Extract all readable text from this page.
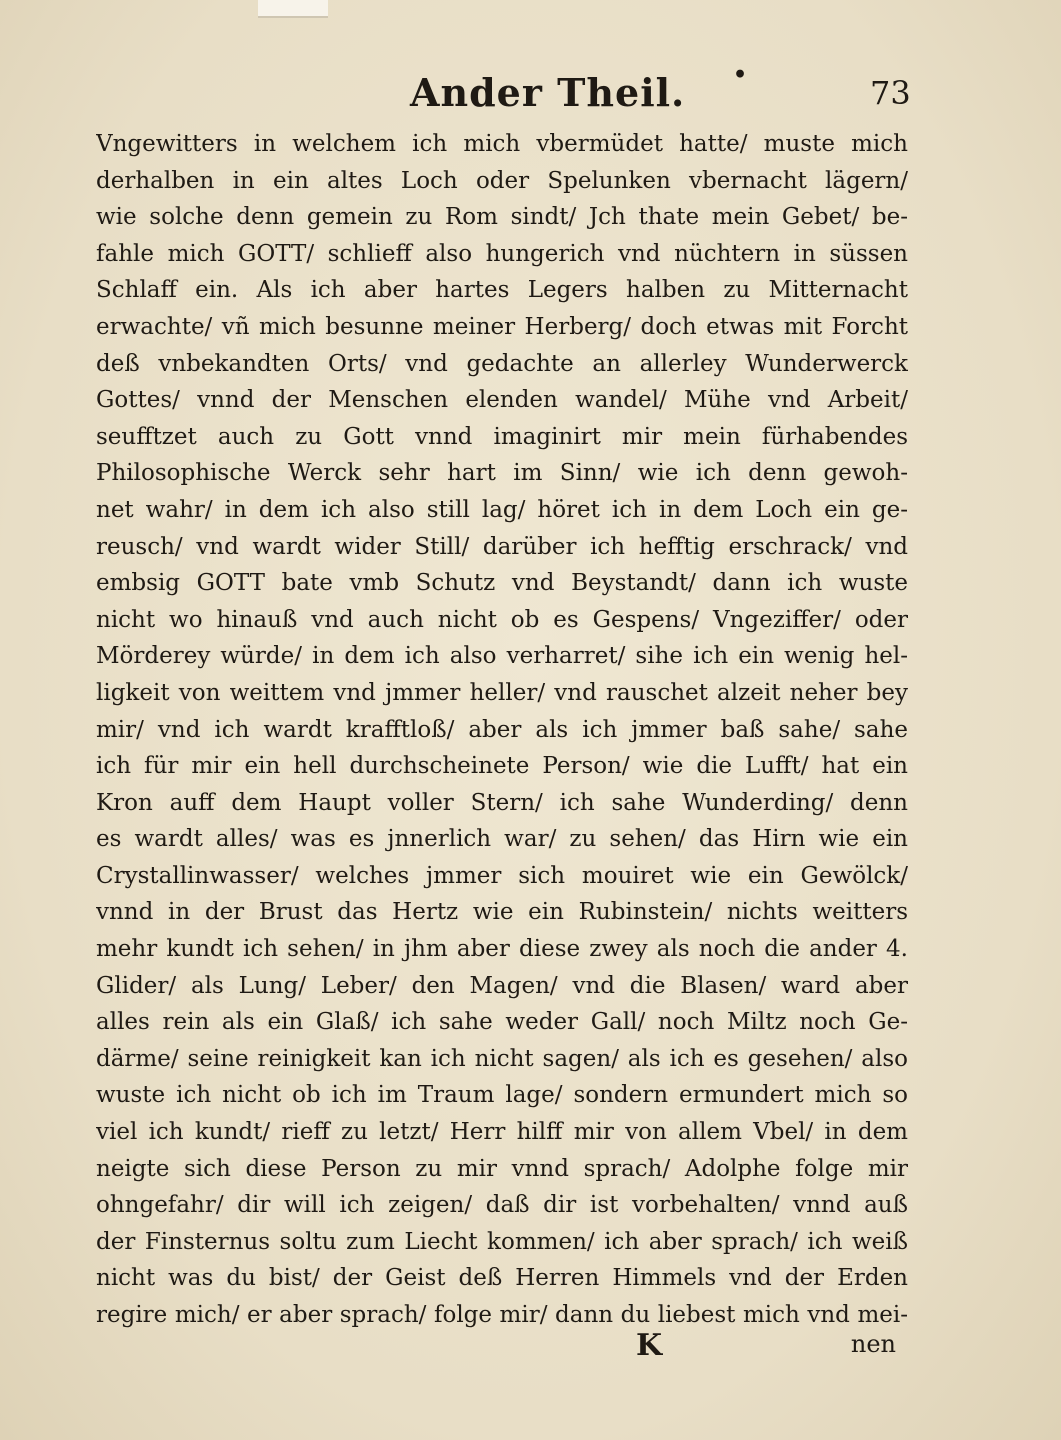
Ander Theil. •	73
Vngewitters in welchem ich mich vbermüdet hatte/ muste mich
derhalben in ein altes Loch oder Spelunken vbernacht lägern/
wie solche denn gemein zu Rom sindt/ Jch thate mein Gebet/ be-
fahle mich GOTT/ schlieff also hungerich vnd nüchtern in süssen
Schlaff ein. Als ich aber hartes Legers halben zu Mitternacht
erwachte/ vñ mich besunne meiner Herberg/ doch etwas mit Forcht
deß vnbekandten Orts/ vnd gedachte an allerley Wunderwerck
Gottes/ vnnd der Menschen elenden wandel/ Mühe vnd Arbeit/
seufftzet auch zu Gott vnnd imaginirt mir mein fürhabendes
Philosophische Werck sehr hart im Sinn/ wie ich denn gewoh-
net wahr/ in dem ich also still lag/ höret ich in dem Loch ein ge-
reusch/ vnd wardt wider Still/ darüber ich hefftig erschrack/ vnd
embsig GOTT bate vmb Schutz vnd Beystandt/ dann ich wuste
nicht wo hinauß vnd auch nicht ob es Gespens/ Vngeziffer/ oder
Mörderey würde/ in dem ich also verharret/ sihe ich ein wenig hel-
ligkeit von weittem vnd jmmer heller/ vnd rauschet alzeit neher bey
mir/ vnd ich wardt krafftloß/ aber als ich jmmer baß sahe/ sahe
ich für mir ein hell durchscheinete Person/ wie die Lufft/ hat ein
Kron auff dem Haupt voller Stern/ ich sahe Wunderding/ denn
es wardt alles/ was es jnnerlich war/ zu sehen/ das Hirn wie ein
Crystallinwasser/ welches jmmer sich mouiret wie ein Gewölck/
vnnd in der Brust das Hertz wie ein Rubinstein/ nichts weitters
mehr kundt ich sehen/ in jhm aber diese zwey als noch die ander 4.
Glider/ als Lung/ Leber/ den Magen/ vnd die Blasen/ ward aber
alles rein als ein Glaß/ ich sahe weder Gall/ noch Miltz noch Ge-
därme/ seine reinigkeit kan ich nicht sagen/ als ich es gesehen/ also
wuste ich nicht ob ich im Traum lage/ sondern ermundert mich so
viel ich kundt/ rieff zu letzt/ Herr hilff mir von allem Vbel/ in dem
neigte sich diese Person zu mir vnnd sprach/ Adolphe folge mir
ohngefahr/ dir will ich zeigen/ daß dir ist vorbehalten/ vnnd auß
der Finsternus soltu zum Liecht kommen/ ich aber sprach/ ich weiß
nicht was du bist/ der Geist deß Herren Himmels vnd der Erden
regire mich/ er aber sprach/ folge mir/ dann du liebest mich vnd mei-
K	nen
